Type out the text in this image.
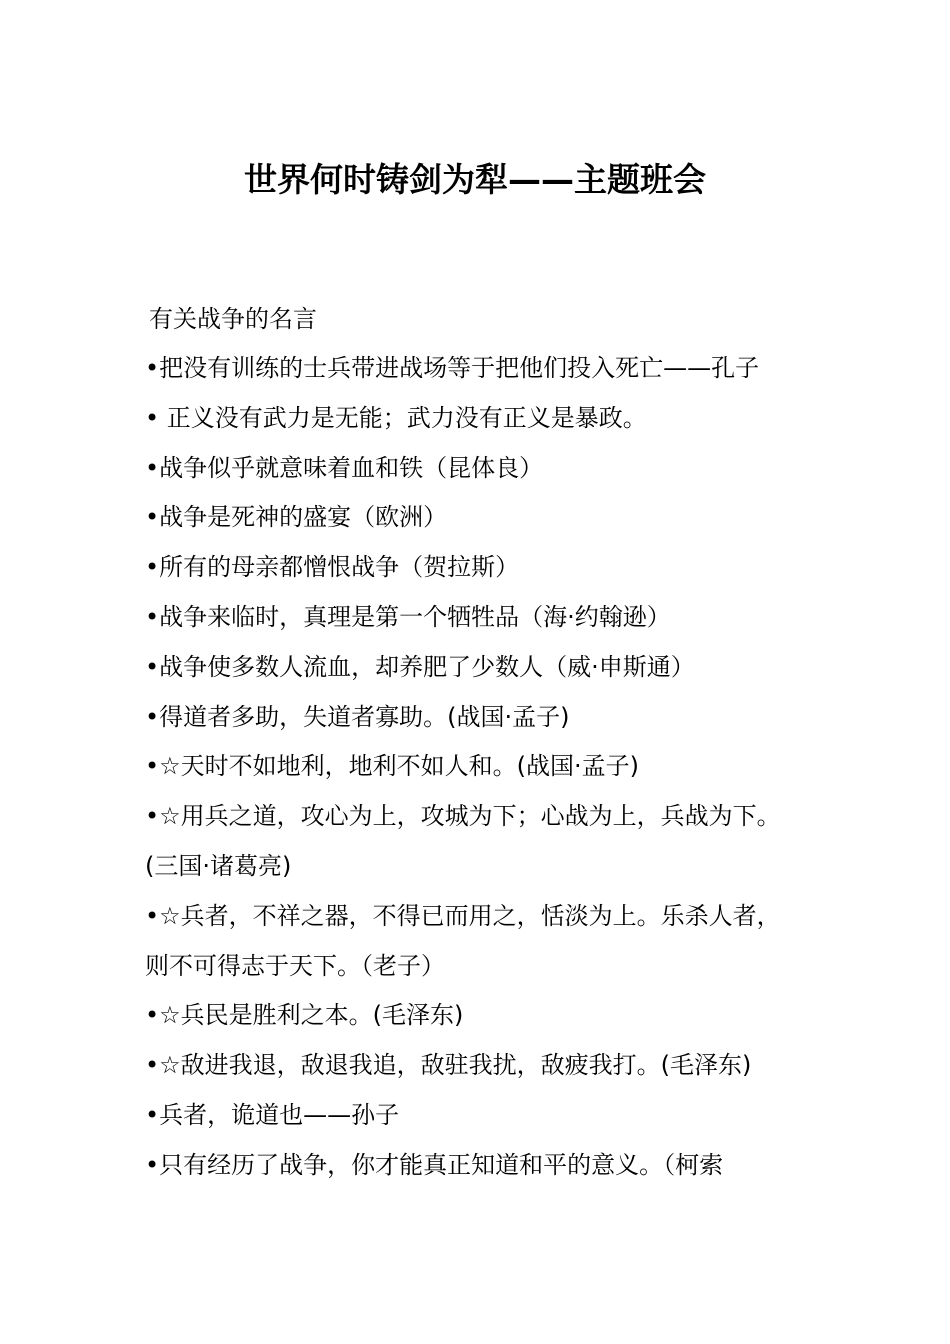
世界何时铸剑为犁——主题班会
有关战争的名言
•把没有训练的士兵带进战场等于把他们投入死亡——孔子
• 正义没有武力是无能；武力没有正义是暴政。
•战争似乎就意味着血和铁（昆体良）
•战争是死神的盛宴（欧洲）
•所有的母亲都憎恨战争（贺拉斯）
•战争来临时，真理是第一个牺牲品（海·约翰逊）
•战争使多数人流血，却养肥了少数人（威·申斯通）
•得道者多助，失道者寡助。(战国·孟子)
•☆天时不如地利，地利不如人和。(战国·孟子)
•☆用兵之道，攻心为上，攻城为下；心战为上，兵战为下。
(三国·诸葛亮)
•☆兵者，不祥之器，不得已而用之，恬淡为上。乐杀人者，
则不可得志于天下。（老子）
•☆兵民是胜利之本。(毛泽东)
•☆敌进我退，敌退我追，敌驻我扰，敌疲我打。(毛泽东)
•兵者，诡道也——孙子
•只有经历了战争，你才能真正知道和平的意义。（柯索
